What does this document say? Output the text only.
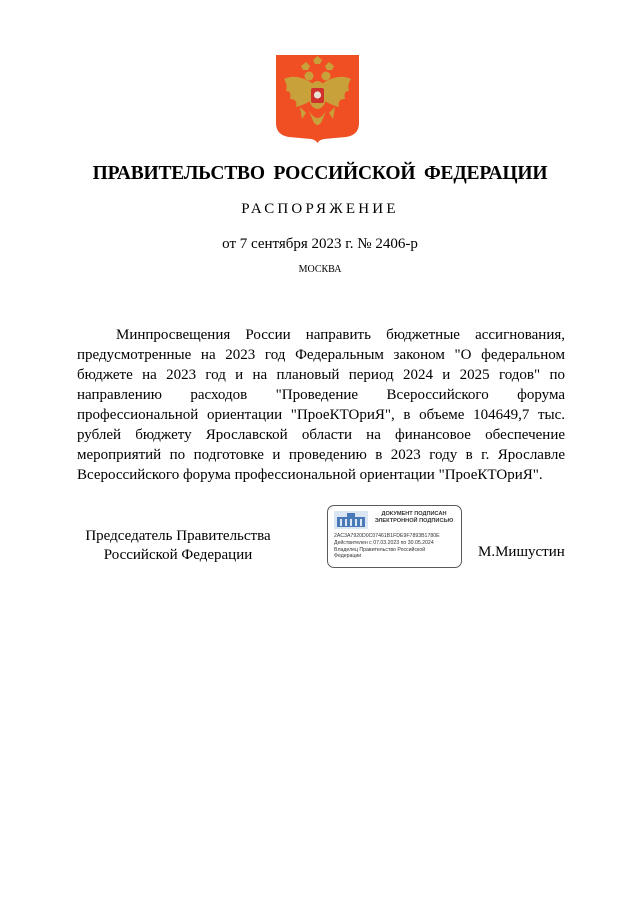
ПРАВИТЕЛЬСТВО РОССИЙСКОЙ ФЕДЕРАЦИИ
РАСПОРЯЖЕНИЕ
от 7 сентября 2023 г. № 2406-р
МОСКВА

Минпросвещения России направить бюджетные ассигнования, предусмотренные на 2023 год Федеральным законом "О федеральном бюджете на 2023 год и на плановый период 2024 и 2025 годов" по направлению расходов "Проведение Всероссийского форума профессиональной ориентации "ПроеКТОриЯ", в объеме 104649,7 тыс. рублей бюджету Ярославской области на финансовое обеспечение мероприятий по подготовке и проведению в 2023 году в г. Ярославле Всероссийского форума профессиональной ориентации "ПроеКТОриЯ".

Председатель Правительства Российской Федерации
ДОКУМЕНТ ПОДПИСАН ЭЛЕКТРОННОЙ ПОДПИСЬЮ
2AC3A7920D0C07461B1FDE9F7893B1780E
Действителен с 07.03.2023 по 30.05.2024
Владелец Правительство Российской Федерации	М.Мишустин
